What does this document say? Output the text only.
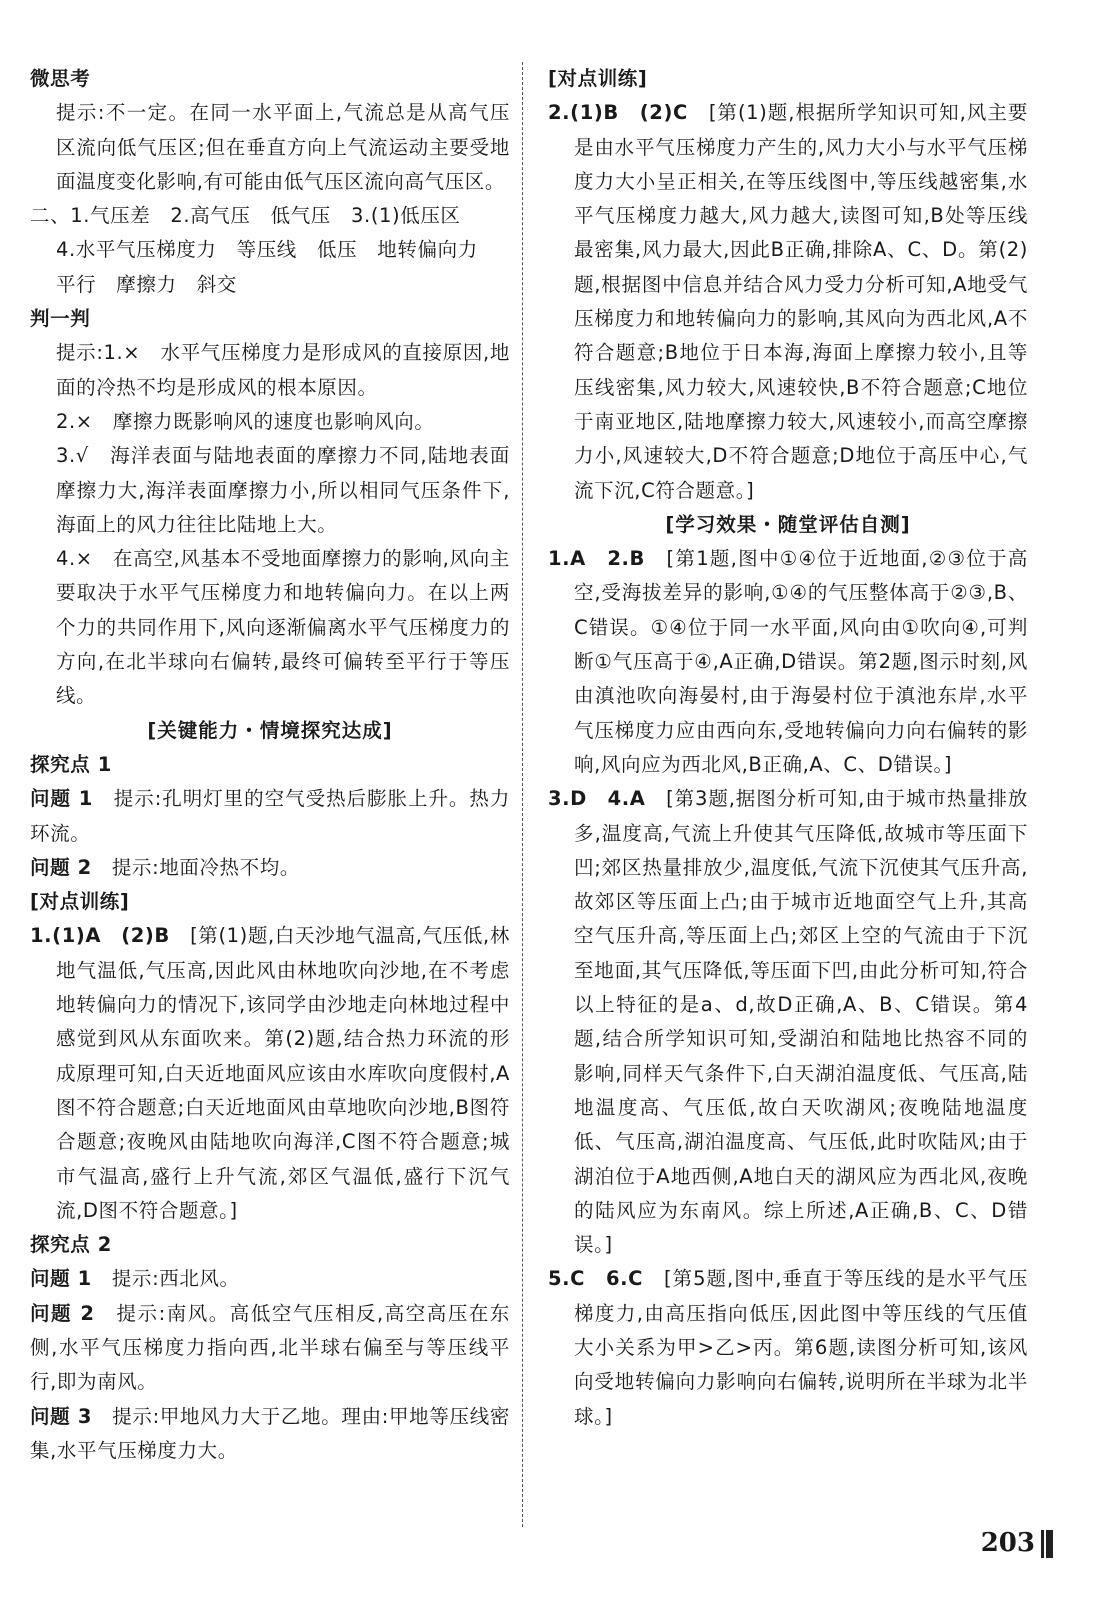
微思考

提示:不一定。在同一水平面上,气流总是从高气压区流向低气压区;但在垂直方向上气流运动主要受地面温度变化影响,有可能由低气压区流向高气压区。

二、1.气压差　2.高气压　低气压　3.(1)低压区

4.水平气压梯度力　等压线　低压　地转偏向力

平行　摩擦力　斜交

判一判

提示:1.×　水平气压梯度力是形成风的直接原因,地面的冷热不均是形成风的根本原因。

2.×　摩擦力既影响风的速度也影响风向。

3.√　海洋表面与陆地表面的摩擦力不同,陆地表面摩擦力大,海洋表面摩擦力小,所以相同气压条件下,海面上的风力往往比陆地上大。

4.×　在高空,风基本不受地面摩擦力的影响,风向主要取决于水平气压梯度力和地转偏向力。在以上两个力的共同作用下,风向逐渐偏离水平气压梯度力的方向,在北半球向右偏转,最终可偏转至平行于等压线。

[关键能力・情境探究达成]

探究点 1

问题 1　 提示:孔明灯里的空气受热后膨胀上升。热力环流。

问题 2　 提示:地面冷热不均。

[对点训练]

1.(1)A　(2)B　 [第(1)题,白天沙地气温高,气压低,林地气温低,气压高,因此风由林地吹向沙地,在不考虑地转偏向力的情况下,该同学由沙地走向林地过程中感觉到风从东面吹来。第(2)题,结合热力环流的形成原理可知,白天近地面风应该由水库吹向度假村,A图不符合题意;白天近地面风由草地吹向沙地,B图符合题意;夜晚风由陆地吹向海洋,C图不符合题意;城市气温高,盛行上升气流,郊区气温低,盛行下沉气流,D图不符合题意。]

探究点 2

问题 1　 提示:西北风。

问题 2　 提示:南风。高低空气压相反,高空高压在东侧,水平气压梯度力指向西,北半球右偏至与等压线平行,即为南风。

问题 3　 提示:甲地风力大于乙地。理由:甲地等压线密集,水平气压梯度力大。

[对点训练]

2.(1)B　(2)C　 [第(1)题,根据所学知识可知,风主要是由水平气压梯度力产生的,风力大小与水平气压梯度力大小呈正相关,在等压线图中,等压线越密集,水平气压梯度力越大,风力越大,读图可知,B处等压线最密集,风力最大,因此B正确,排除A、C、D。第(2)题,根据图中信息并结合风力受力分析可知,A地受气压梯度力和地转偏向力的影响,其风向为西北风,A不符合题意;B地位于日本海,海面上摩擦力较小,且等压线密集,风力较大,风速较快,B不符合题意;C地位于南亚地区,陆地摩擦力较大,风速较小,而高空摩擦力小,风速较大,D不符合题意;D地位于高压中心,气流下沉,C符合题意。]

[学习效果・随堂评估自测]

1.A　2.B　 [第1题,图中①④位于近地面,②③位于高空,受海拔差异的影响,①④的气压整体高于②③,B、C错误。①④位于同一水平面,风向由①吹向④,可判断①气压高于④,A正确,D错误。第2题,图示时刻,风由滇池吹向海晏村,由于海晏村位于滇池东岸,水平气压梯度力应由西向东,受地转偏向力向右偏转的影响,风向应为西北风,B正确,A、C、D错误。]

3.D　4.A　 [第3题,据图分析可知,由于城市热量排放多,温度高,气流上升使其气压降低,故城市等压面下凹;郊区热量排放少,温度低,气流下沉使其气压升高,故郊区等压面上凸;由于城市近地面空气上升,其高空气压升高,等压面上凸;郊区上空的气流由于下沉至地面,其气压降低,等压面下凹,由此分析可知,符合以上特征的是a、d,故D正确,A、B、C错误。第4题,结合所学知识可知,受湖泊和陆地比热容不同的影响,同样天气条件下,白天湖泊温度低、气压高,陆地温度高、气压低,故白天吹湖风;夜晚陆地温度低、气压高,湖泊温度高、气压低,此时吹陆风;由于湖泊位于A地西侧,A地白天的湖风应为西北风,夜晚的陆风应为东南风。综上所述,A正确,B、C、D错误。]

5.C　6.C　 [第5题,图中,垂直于等压线的是水平气压梯度力,由高压指向低压,因此图中等压线的气压值大小关系为甲>乙>丙。第6题,读图分析可知,该风向受地转偏向力影响向右偏转,说明所在半球为北半球。]

203
